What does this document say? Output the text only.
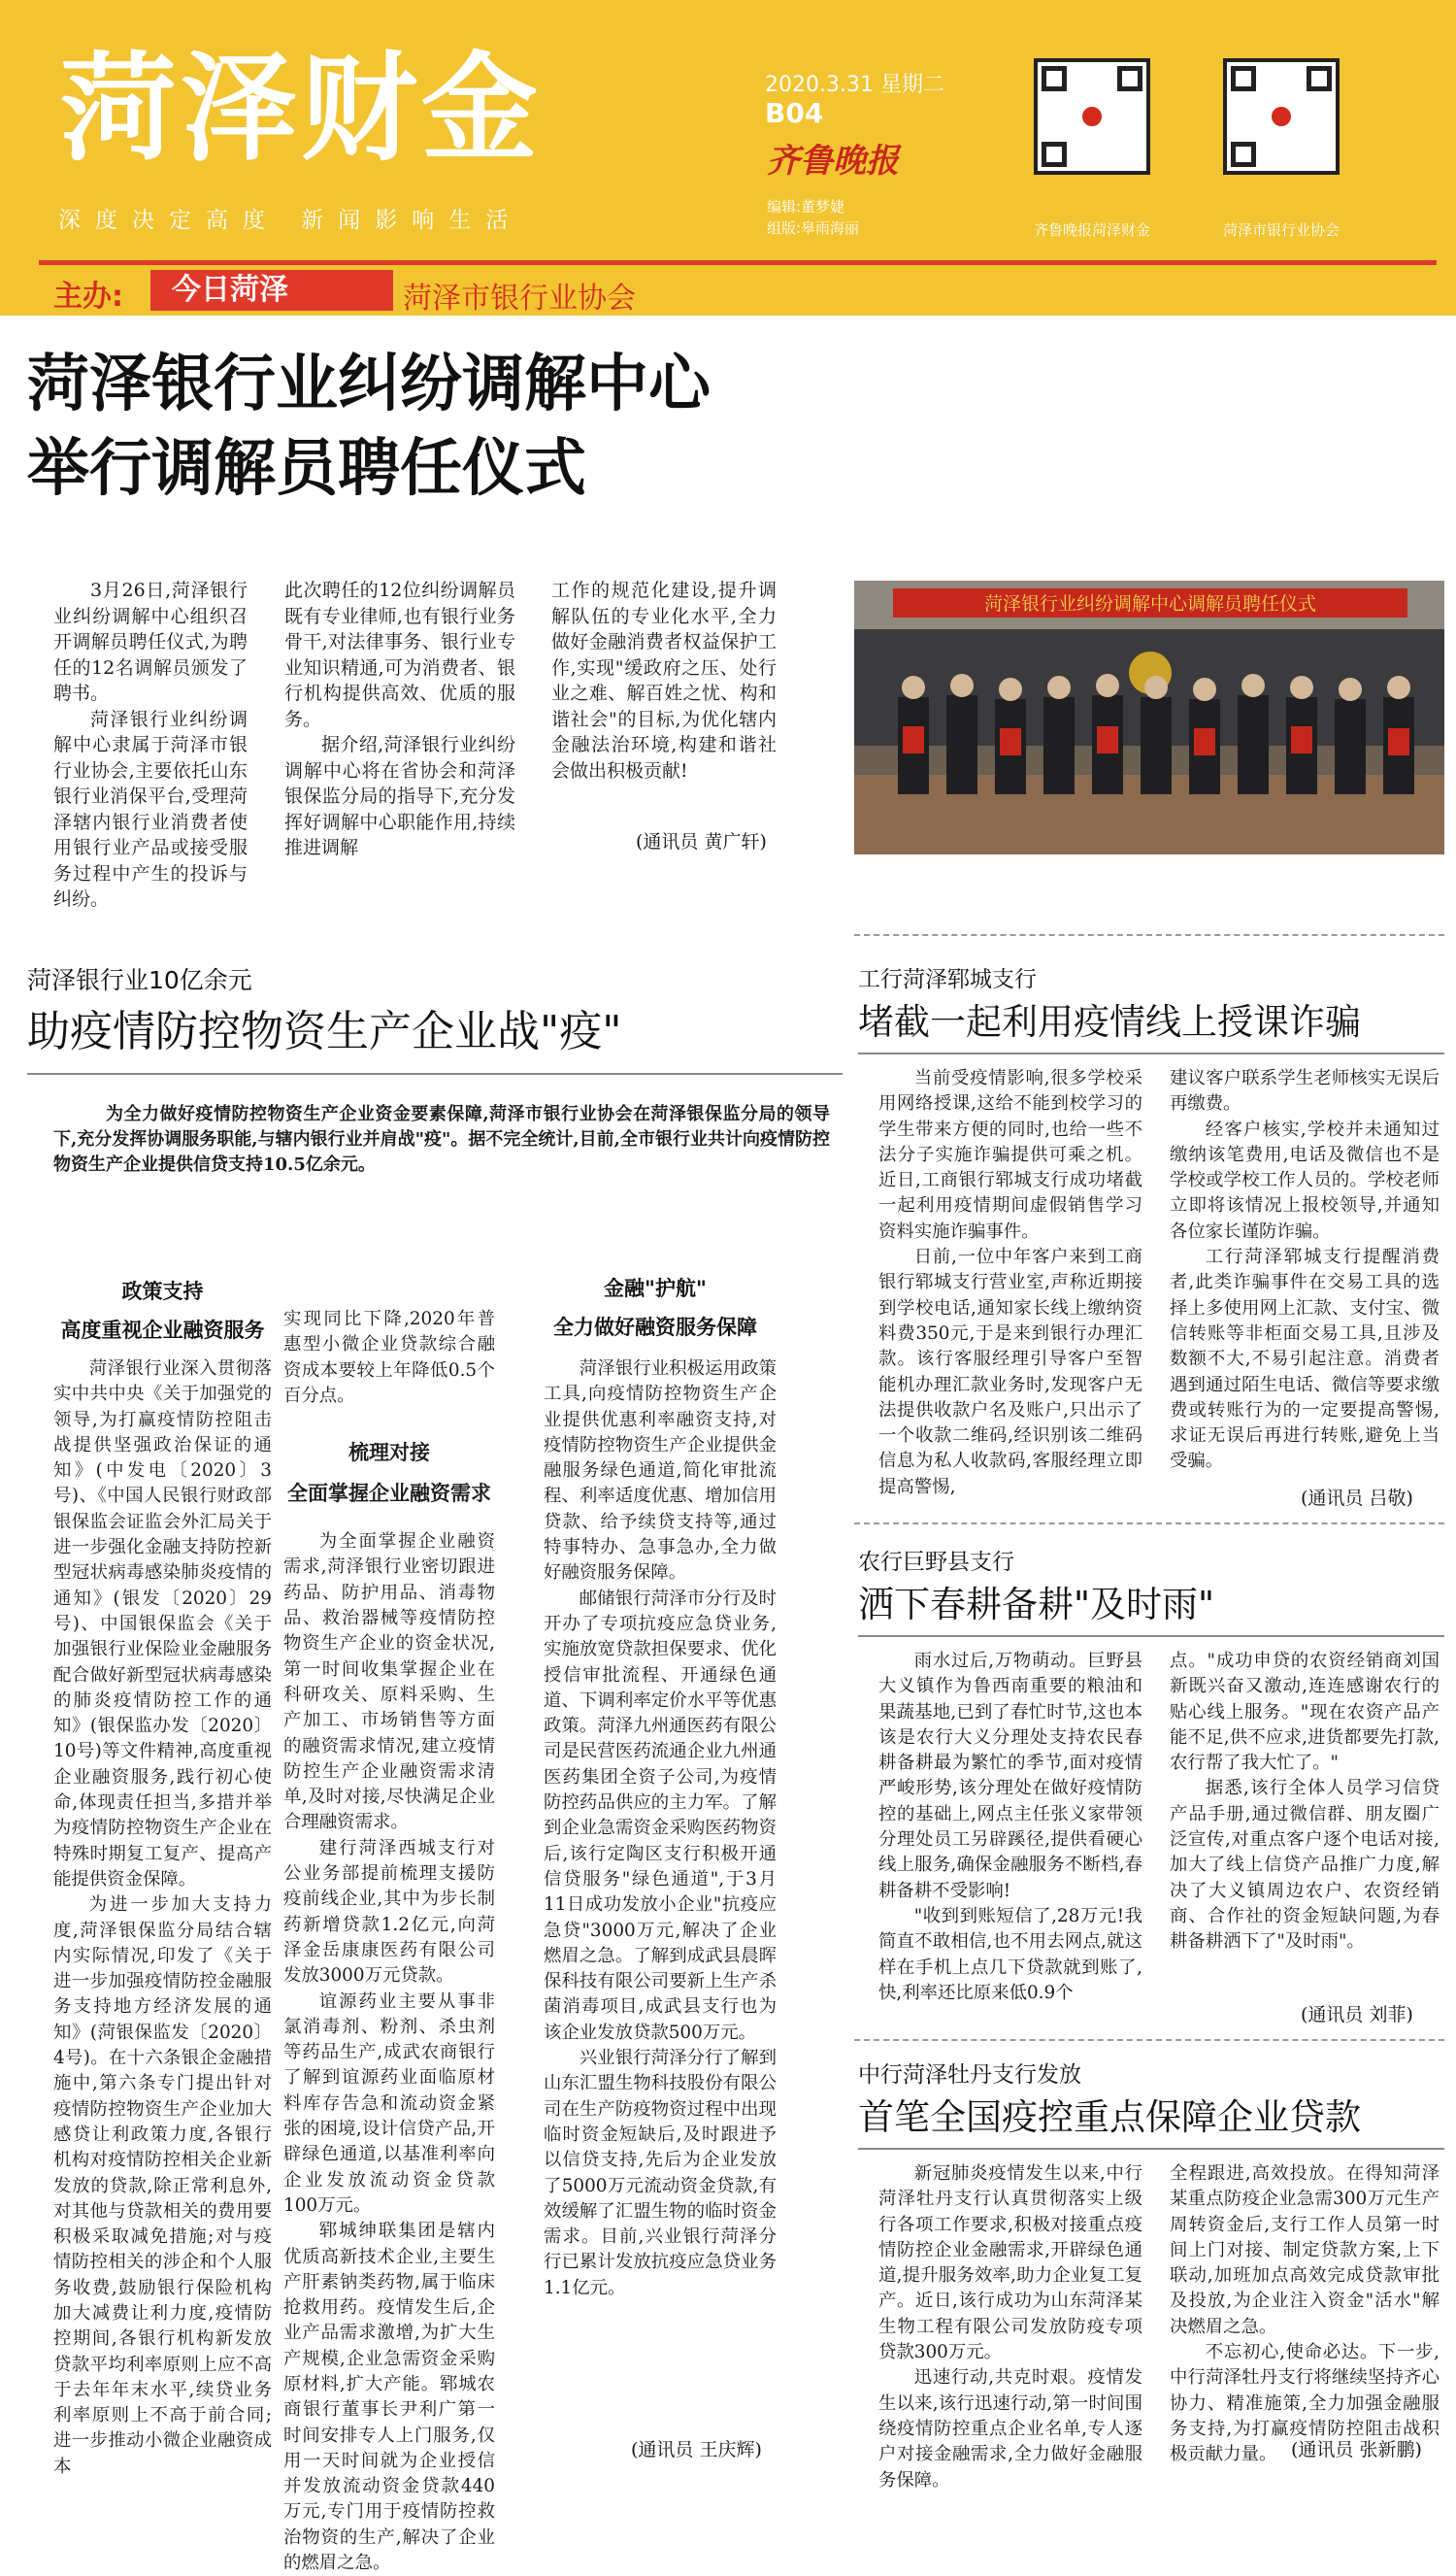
菏泽财金
深度决定高度 新闻影响生活
2020.3.31 星期二
B04
齐鲁晚报
编辑:董梦婕
组版:皋雨海丽	齐鲁晚报菏泽财金	菏泽市银行业协会
主办:	今日菏泽	菏泽市银行业协会
菏泽银行业纠纷调解中心
举行调解员聘任仪式

3月26日,菏泽银行业纠纷调解中心组织召开调解员聘任仪式,为聘任的12名调解员颁发了聘书。

菏泽银行业纠纷调解中心隶属于菏泽市银行业协会,主要依托山东银行业消保平台,受理菏泽辖内银行业消费者使用银行业产品或接受服务过程中产生的投诉与纠纷。

此次聘任的12位纠纷调解员既有专业律师,也有银行业务骨干,对法律事务、银行业专业知识精通,可为消费者、银行机构提供高效、优质的服务。

据介绍,菏泽银行业纠纷调解中心将在省协会和菏泽银保监分局的指导下,充分发挥好调解中心职能作用,持续推进调解

工作的规范化建设,提升调解队伍的专业化水平,全力做好金融消费者权益保护工作,实现"缓政府之压、处行业之难、解百姓之忧、构和谐社会"的目标,为优化辖内金融法治环境,构建和谐社会做出积极贡献!

(通讯员 黄广轩)
菏泽银行业纠纷调解中心调解员聘任仪式
菏泽银行业10亿余元
助疫情防控物资生产企业战"疫"
为全力做好疫情防控物资生产企业资金要素保障,菏泽市银行业协会在菏泽银保监分局的领导下,充分发挥协调服务职能,与辖内银行业并肩战"疫"。据不完全统计,目前,全市银行业共计向疫情防控物资生产企业提供信贷支持10.5亿余元。
政策支持
高度重视企业融资服务

菏泽银行业深入贯彻落实中共中央《关于加强党的领导,为打赢疫情防控阻击战提供坚强政治保证的通知》(中发电〔2020〕3号)、《中国人民银行财政部银保监会证监会外汇局关于进一步强化金融支持防控新型冠状病毒感染肺炎疫情的通知》(银发〔2020〕29号)、中国银保监会《关于加强银行业保险业金融服务配合做好新型冠状病毒感染的肺炎疫情防控工作的通知》(银保监办发〔2020〕10号)等文件精神,高度重视企业融资服务,践行初心使命,体现责任担当,多措并举为疫情防控物资生产企业在特殊时期复工复产、提高产能提供资金保障。

为进一步加大支持力度,菏泽银保监分局结合辖内实际情况,印发了《关于进一步加强疫情防控金融服务支持地方经济发展的通知》(菏银保监发〔2020〕4号)。在十六条银企金融措施中,第六条专门提出针对疫情防控物资生产企业加大感贷让利政策力度,各银行机构对疫情防控相关企业新发放的贷款,除正常利息外,对其他与贷款相关的费用要积极采取减免措施;对与疫情防控相关的涉企和个人服务收费,鼓励银行保险机构加大减费让利力度,疫情防控期间,各银行机构新发放贷款平均利率原则上应不高于去年年末水平,续贷业务利率原则上不高于前合同;进一步推动小微企业融资成本

实现同比下降,2020年普惠型小微企业贷款综合融资成本要较上年降低0.5个百分点。

梳理对接
全面掌握企业融资需求

为全面掌握企业融资需求,菏泽银行业密切跟进药品、防护用品、消毒物品、救治器械等疫情防控物资生产企业的资金状况,第一时间收集掌握企业在科研攻关、原料采购、生产加工、市场销售等方面的融资需求情况,建立疫情防控生产企业融资需求清单,及时对接,尽快满足企业合理融资需求。

建行菏泽西城支行对公业务部提前梳理支援防疫前线企业,其中为步长制药新增贷款1.2亿元,向菏泽金岳康康医药有限公司发放3000万元贷款。

谊源药业主要从事非氯消毒剂、粉剂、杀虫剂等药品生产,成武农商银行了解到谊源药业面临原材料库存告急和流动资金紧张的困境,设计信贷产品,开辟绿色通道,以基准利率向企业发放流动资金贷款100万元。

郓城绅联集团是辖内优质高新技术企业,主要生产肝素钠类药物,属于临床抢救用药。疫情发生后,企业产品需求激增,为扩大生产规模,企业急需资金采购原材料,扩大产能。郓城农商银行董事长尹利广第一时间安排专人上门服务,仅用一天时间就为企业授信并发放流动资金贷款440万元,专门用于疫情防控救治物资的生产,解决了企业的燃眉之急。

金融"护航"
全力做好融资服务保障

菏泽银行业积极运用政策工具,向疫情防控物资生产企业提供优惠利率融资支持,对疫情防控物资生产企业提供金融服务绿色通道,简化审批流程、利率适度优惠、增加信用贷款、给予续贷支持等,通过特事特办、急事急办,全力做好融资服务保障。

邮储银行菏泽市分行及时开办了专项抗疫应急贷业务,实施放宽贷款担保要求、优化授信审批流程、开通绿色通道、下调利率定价水平等优惠政策。菏泽九州通医药有限公司是民营医药流通企业九州通医药集团全资子公司,为疫情防控药品供应的主力军。了解到企业急需资金采购医药物资后,该行定陶区支行积极开通信贷服务"绿色通道",于3月11日成功发放小企业"抗疫应急贷"3000万元,解决了企业燃眉之急。了解到成武县晨晖保科技有限公司要新上生产杀菌消毒项目,成武县支行也为该企业发放贷款500万元。

兴业银行菏泽分行了解到山东汇盟生物科技股份有限公司在生产防疫物资过程中出现临时资金短缺后,及时跟进予以信贷支持,先后为企业发放了5000万元流动资金贷款,有效缓解了汇盟生物的临时资金需求。目前,兴业银行菏泽分行已累计发放抗疫应急贷业务1.1亿元。

(通讯员 王庆辉)
工行菏泽郓城支行
堵截一起利用疫情线上授课诈骗

当前受疫情影响,很多学校采用网络授课,这给不能到校学习的学生带来方便的同时,也给一些不法分子实施诈骗提供可乘之机。近日,工商银行郓城支行成功堵截一起利用疫情期间虚假销售学习资料实施诈骗事件。

日前,一位中年客户来到工商银行郓城支行营业室,声称近期接到学校电话,通知家长线上缴纳资料费350元,于是来到银行办理汇款。该行客服经理引导客户至智能机办理汇款业务时,发现客户无法提供收款户名及账户,只出示了一个收款二维码,经识别该二维码信息为私人收款码,客服经理立即提高警惕,

建议客户联系学生老师核实无误后再缴费。

经客户核实,学校并未通知过缴纳该笔费用,电话及微信也不是学校或学校工作人员的。学校老师立即将该情况上报校领导,并通知各位家长谨防诈骗。

工行菏泽郓城支行提醒消费者,此类诈骗事件在交易工具的选择上多使用网上汇款、支付宝、微信转账等非柜面交易工具,且涉及数额不大,不易引起注意。消费者遇到通过陌生电话、微信等要求缴费或转账行为的一定要提高警惕,求证无误后再进行转账,避免上当受骗。

(通讯员 吕敬)
农行巨野县支行
洒下春耕备耕"及时雨"

雨水过后,万物萌动。巨野县大义镇作为鲁西南重要的粮油和果蔬基地,已到了春忙时节,这也本该是农行大义分理处支持农民春耕备耕最为繁忙的季节,面对疫情严峻形势,该分理处在做好疫情防控的基础上,网点主任张义家带领分理处员工另辟蹊径,提供看硬心线上服务,确保金融服务不断档,春耕备耕不受影响!

"收到到账短信了,28万元!我简直不敢相信,也不用去网点,就这样在手机上点几下贷款就到账了,快,利率还比原来低0.9个

点。"成功申贷的农资经销商刘国新既兴奋又激动,连连感谢农行的贴心线上服务。"现在农资产品产能不足,供不应求,进货都要先打款,农行帮了我大忙了。"

据悉,该行全体人员学习信贷产品手册,通过微信群、朋友圈广泛宣传,对重点客户逐个电话对接,加大了线上信贷产品推广力度,解决了大义镇周边农户、农资经销商、合作社的资金短缺问题,为春耕备耕洒下了"及时雨"。

(通讯员 刘菲)
中行菏泽牡丹支行发放
首笔全国疫控重点保障企业贷款

新冠肺炎疫情发生以来,中行菏泽牡丹支行认真贯彻落实上级行各项工作要求,积极对接重点疫情防控企业金融需求,开辟绿色通道,提升服务效率,助力企业复工复产。近日,该行成功为山东菏泽某生物工程有限公司发放防疫专项贷款300万元。

迅速行动,共克时艰。疫情发生以来,该行迅速行动,第一时间围绕疫情防控重点企业名单,专人逐户对接金融需求,全力做好金融服务保障。

全程跟进,高效投放。在得知菏泽某重点防疫企业急需300万元生产周转资金后,支行工作人员第一时间上门对接、制定贷款方案,上下联动,加班加点高效完成贷款审批及投放,为企业注入资金"活水"解决燃眉之急。

不忘初心,使命必达。下一步,中行菏泽牡丹支行将继续坚持齐心协力、精准施策,全力加强金融服务支持,为打赢疫情防控阻击战积极贡献力量。 (通讯员 张新鹏)
